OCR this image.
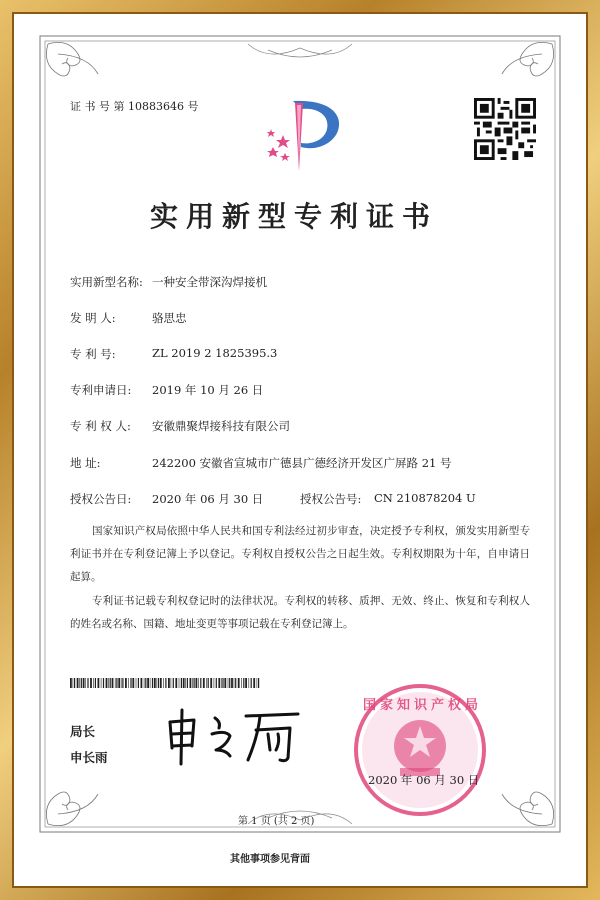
证 书 号 第 10883646 号
实用新型专利证书
实用新型名称: 一种安全带深沟焊接机
发 明 人:	骆思忠
专 利 号:	ZL 2019 2 1825395.3
专利申请日: 2019 年 10 月 26 日
专 利 权 人: 安徽鼎聚焊接科技有限公司
地 址:	242200 安徽省宣城市广德县广德经济开发区广屏路 21 号
授权公告日: 2020 年 06 月 30 日	授权公告号: CN 210878204 U
国家知识产权局依照中华人民共和国专利法经过初步审查，决定授予专利权，颁发实用新型专利证书并在专利登记簿上予以登记。专利权自授权公告之日起生效。专利权期限为十年，自申请日起算。
专利证书记载专利权登记时的法律状况。专利权的转移、质押、无效、终止、恢复和专利权人的姓名或名称、国籍、地址变更等事项记载在专利登记簿上。
局长
申长雨
国家知识产权局
2020 年 06 月 30 日
第 1 页 (共 2 页)
其他事项参见背面
